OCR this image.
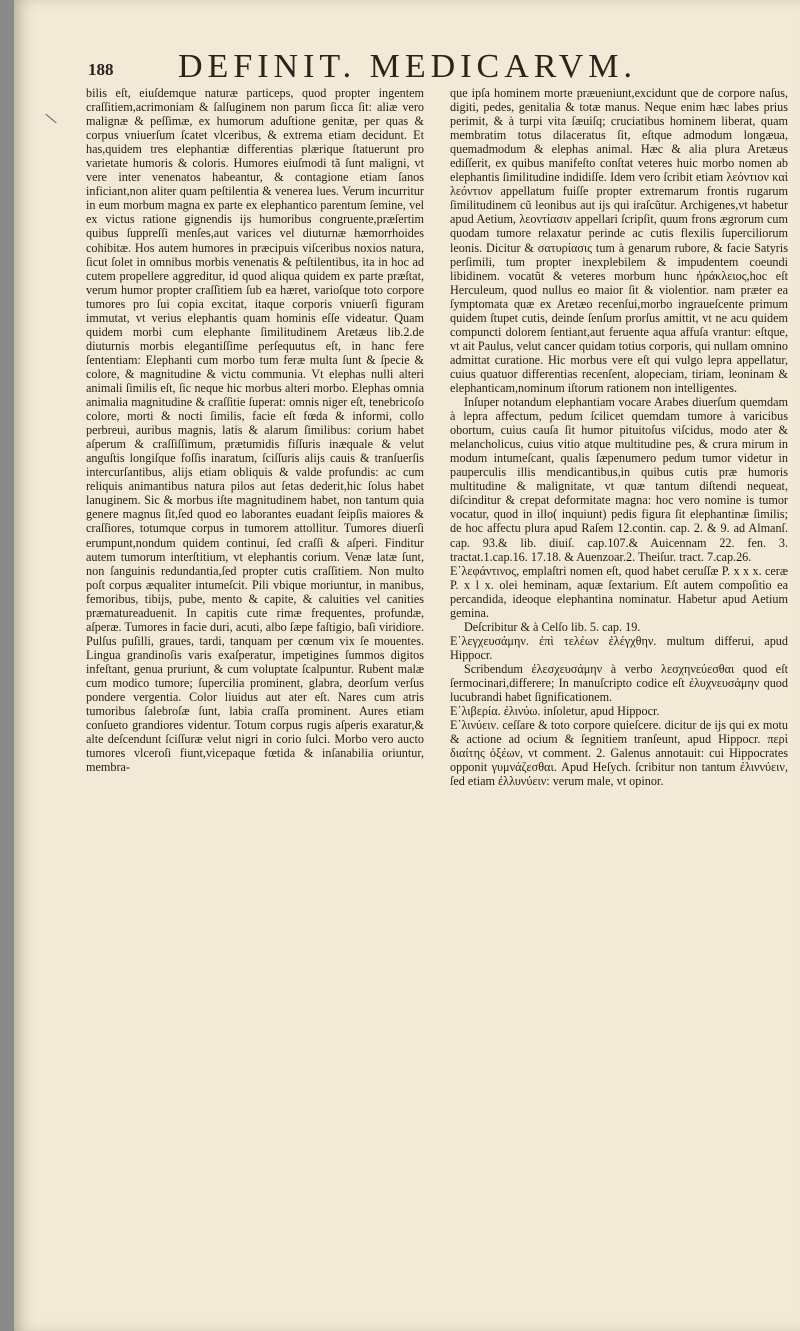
188 DEFINIT. MEDICARVM.

bilis eſt, eiuſdemque naturæ particeps, quod propter ingentem craſſitiem,acrimoniam & ſalſuginem non parum ſicca ſit: aliæ vero malignæ & peſſimæ, ex humorum aduſtione genitæ, per quas & corpus vniuerſum ſcatet vlceribus, & extrema etiam decidunt. Et has,quidem tres elephantiæ differentias plærique ſtatuerunt pro varietate humoris & coloris. Humores eiuſmodi tã ſunt maligni, vt vere inter venenatos habeantur, & contagione etiam ſanos inficiant,non aliter quam peſtilentia & venerea lues. Verum incurritur in eum morbum magna ex parte ex elephantico parentum ſemine, vel ex victus ratione gignendis ijs humoribus congruente,præſertim quibus ſuppreſſi menſes,aut varices vel diuturnæ hæmorrhoides cohibitæ. Hos autem humores in præcipuis viſceribus noxios natura, ſicut ſolet in omnibus morbis venenatis & peſtilentibus, ita in hoc ad cutem propellere aggreditur, id quod aliqua quidem ex parte præſtat, verum humor propter craſſitiem ſub ea hæret, varioſque toto corpore tumores pro ſui copia excitat, itaque corporis vniuerſi figuram immutat, vt verius elephantis quam hominis eſſe videatur. Quam quidem morbi cum elephante ſimilitudinem Aretæus lib.2.de diuturnis morbis elegantiſſime perſequutus eſt, in hanc fere ſententiam: Elephanti cum morbo tum feræ multa ſunt & ſpecie & colore, & magnitudine & victu communia. Vt elephas nulli alteri animali ſimilis eſt, ſic neque hic morbus alteri morbo. Elephas omnia animalia magnitudine & craſſitie ſuperat: omnis niger eſt, tenebricoſo colore, morti & nocti ſimilis, facie eſt fœda & informi, collo perbreui, auribus magnis, latis & alarum ſimilibus: corium habet aſperum & craſſiſſimum, prætumidis fiſſuris inæquale & velut anguſtis longiſque foſſis inaratum, ſciſſuris alijs cauis & tranſuerſis intercurſantibus, alijs etiam obliquis & valde profundis: ac cum reliquis animantibus natura pilos aut ſetas dederit,hic ſolus habet lanuginem. Sic & morbus iſte magnitudinem habet, non tantum quia genere magnus ſit,ſed quod eo laborantes euadant ſeipſis maiores & craſſiores, totumque corpus in tumorem attollitur. Tumores diuerſi erumpunt,nondum quidem continui, ſed craſſi & aſperi. Finditur autem tumorum interſtitium, vt elephantis corium. Venæ latæ ſunt, non ſanguinis redundantia,ſed propter cutis craſſitiem. Non multo poſt corpus æqualiter intumeſcit. Pili vbique moriuntur, in manibus, femoribus, tibijs, pube, mento & capite, & caluities vel canities præmatureaduenit. In capitis cute rimæ frequentes, profundæ, aſperæ. Tumores in facie duri, acuti, albo ſæpe faſtigio, baſi viridiore. Pulſus puſilli, graues, tardi, tanquam per cœnum vix ſe mouentes. Lingua grandinoſis varis exaſperatur, impetigines ſummos digitos infeſtant, genua pruriunt, & cum voluptate ſcalpuntur. Rubent malæ cum modico tumore; ſupercilia prominent, glabra, deorſum verſus pondere vergentia. Color liuidus aut ater eſt. Nares cum atris tumoribus ſalebroſæ ſunt, labia craſſa prominent. Aures etiam conſueto grandiores videntur. Totum corpus rugis aſperis exaratur,& alte deſcendunt ſciſſuræ velut nigri in corio ſulci. Morbo vero aucto tumores vlceroſi fiunt,vicераque fœtida & inſanabilia oriuntur, membra-

que ipſa hominem morte præueniunt,excidunt que de corpore naſus, digiti, pedes, genitalia & totæ manus. Neque enim hæc labes prius perimit, & à turpi vita ſæuiſq; cruciatibus hominem liberat, quam membratim totus dilaceratus ſit, eſtque admodum longæua, quemadmodum & elephas animal. Hæc & alia plura Aretæus ediſſerit, ex quibus manifeſto conſtat veteres huic morbo nomen ab elephantis ſimilitudine indidiſſe. Idem vero ſcribit etiam λεόντιον καὶ λεόντιον appellatum fuiſſe propter extremarum frontis rugarum ſimilitudinem cũ leonibus aut ijs qui iraſcũtur. Archigenes,vt habetur apud Aetium, λεοντίασιν appellari ſcripſit, quum frons ægrorum cum quodam tumore relaxatur perinde ac cutis flexilis ſuperciliorum leonis. Dicitur & σατυρίασις tum à genarum rubore, & facie Satyris perſimili, tum propter inexplebilem & impudentem coeundi libidinem. vocatũt & veteres morbum hunc ἡράκλειος,hoc eſt Herculeum, quod nullus eo maior ſit & violentior. nam præter ea ſymptomata quæ ex Aretæo recenſui,morbo ingraueſcente primum quidem ſtupet cutis, deinde ſenſum prorſus amittit, vt ne acu quidem compuncti dolorem ſentiant,aut feruente aqua affuſa vrantur: eſtque, vt ait Paulus, velut cancer quidam totius corporis, qui nullam omnino admittat curatione. Hic morbus vere eſt qui vulgo lepra appellatur, cuius quatuor differentias recenſent, alopeciam, tiriam, leoninam & elephanticam,nominum iſtorum rationem non intelligentes.

Inſuper notandum elephantiam vocare Arabes diuerſum quemdam à lepra affectum, pedum ſcilicet quemdam tumore à varicibus obortum, cuius cauſa ſit humor pituitoſus viſcidus, modo ater & melancholicus, cuius vitio atque multitudine pes, & crura mirum in modum intumeſcant, qualis ſæpenumero pedum tumor videtur in pauperculis illis mendicantibus,in quibus cutis præ humoris multitudine & malignitate, vt quæ tantum diſtendi nequeat, diſcinditur & crepat deformitate magna: hoc vero nomine is tumor vocatur, quod in illo( inquiunt) pedis figura ſit elephantinæ ſimilis; de hoc affectu plura apud Raſem 12.contin. cap. 2. & 9. ad Almanſ. cap. 93.& lib. diuiſ. cap.107.& Auicennam 22. fen. 3. tractat.1.cap.16. 17.18. & Auenzoar.2. Theiſur. tract. 7.cap.26.

Ε᾿λεφάντινος, emplaſtri nomen eſt, quod habet ceruſſæ P. x x x. ceræ P. x l x. olei heminam, aquæ ſextarium. Eſt autem compoſitio ea percandida, ideoque elephantina nominatur. Habetur apud Aetium gemina.

Deſcribitur & à Celſo lib. 5. cap. 19.

Ε᾿λεγχευσάμην. ἐπὶ τελέων ἐλέγχθην. multum differui, apud Hippocr.

Scribendum ἐλεσχευσάμην à verbo λεσχηνεύεσθαι quod eſt ſermocinari,differere; In manuſcripto codice eſt ἐλυχνευσάμην quod lucubrandi habet ſignificationem.

Ε᾿λιβερία. ἐλινύω. inſoletur, apud Hippocr.

Ε᾿λινύειν. ceſſare & toto corpore quieſcere. dicitur de ijs qui ex motu & actione ad ocium & ſegnitiem tranſeunt, apud Hippocr. περὶ διαίτης ὀξέων, vt comment. 2. Galenus annotauit: cui Hippocrates opponit γυμνάζεσθαι. Apud Heſych. ſcribitur non tantum ἐλιννύειν, ſed etiam ἐλλυνύειν: verum male, vt opinor.
